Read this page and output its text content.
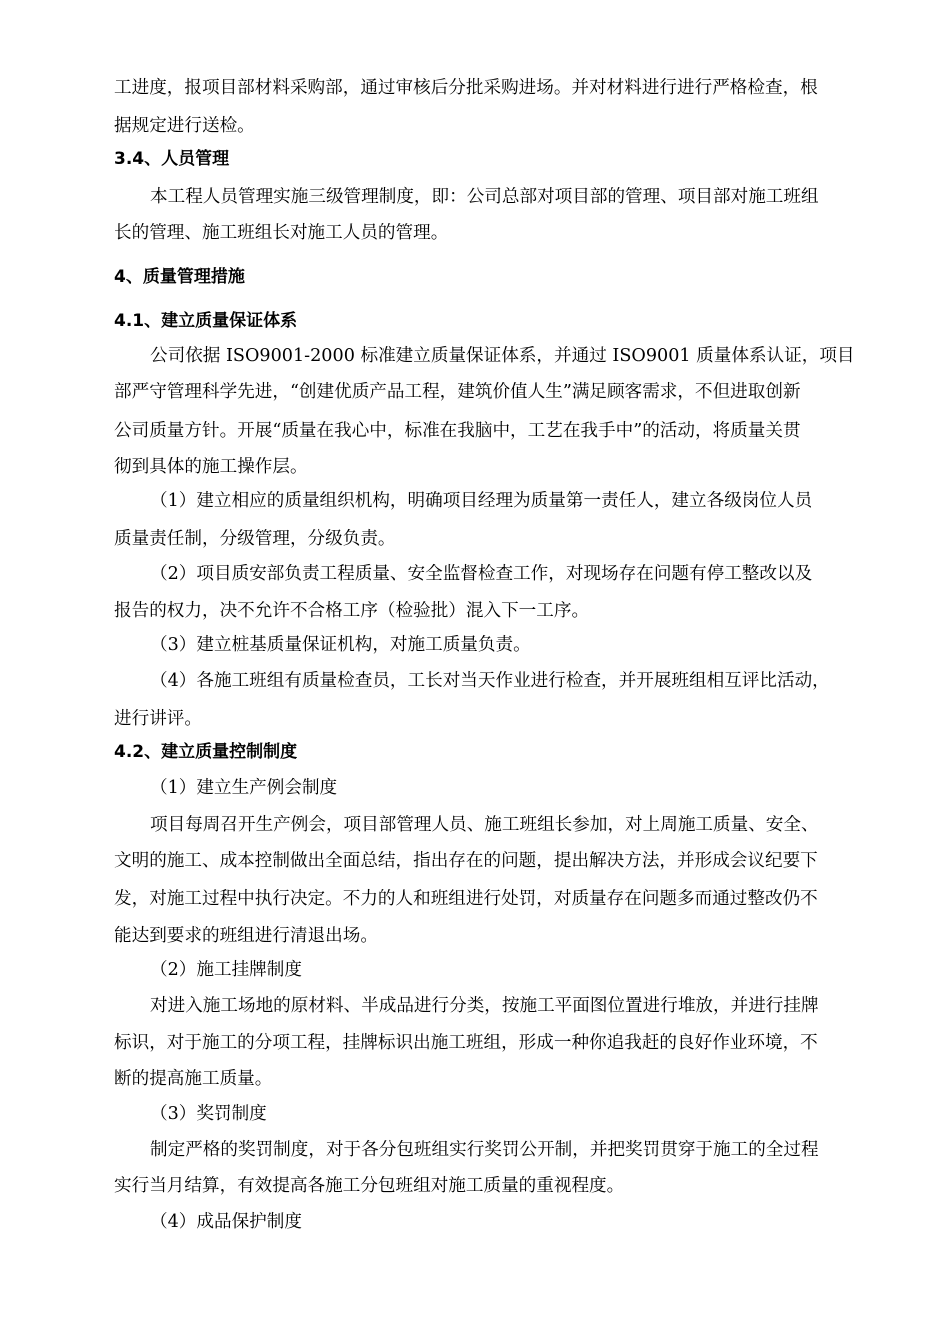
工进度，报项目部材料采购部，通过审核后分批采购进场。并对材料进行进行严格检查，根
据规定进行送检。
3.4、人员管理
本工程人员管理实施三级管理制度，即：公司总部对项目部的管理、项目部对施工班组
长的管理、施工班组长对施工人员的管理。
4、质量管理措施
4.1、建立质量保证体系
公司依据 ISO9001-2000 标准建立质量保证体系，并通过 ISO9001 质量体系认证，项目
部严守管理科学先进，“创建优质产品工程，建筑价值人生”满足顾客需求，不但进取创新
公司质量方针。开展“质量在我心中，标准在我脑中，工艺在我手中”的活动，将质量关贯
彻到具体的施工操作层。
（1）建立相应的质量组织机构，明确项目经理为质量第一责任人，建立各级岗位人员
质量责任制，分级管理，分级负责。
（2）项目质安部负责工程质量、安全监督检查工作，对现场存在问题有停工整改以及
报告的权力，决不允许不合格工序（检验批）混入下一工序。
（3）建立桩基质量保证机构，对施工质量负责。
（4）各施工班组有质量检查员，工长对当天作业进行检查，并开展班组相互评比活动，
进行讲评。
4.2、建立质量控制制度
（1）建立生产例会制度
项目每周召开生产例会，项目部管理人员、施工班组长参加，对上周施工质量、安全、
文明的施工、成本控制做出全面总结，指出存在的问题，提出解决方法，并形成会议纪要下
发，对施工过程中执行决定。不力的人和班组进行处罚，对质量存在问题多而通过整改仍不
能达到要求的班组进行清退出场。
（2）施工挂牌制度
对进入施工场地的原材料、半成品进行分类，按施工平面图位置进行堆放，并进行挂牌
标识，对于施工的分项工程，挂牌标识出施工班组，形成一种你追我赶的良好作业环境，不
断的提高施工质量。
（3）奖罚制度
制定严格的奖罚制度，对于各分包班组实行奖罚公开制，并把奖罚贯穿于施工的全过程
实行当月结算，有效提高各施工分包班组对施工质量的重视程度。
（4）成品保护制度
